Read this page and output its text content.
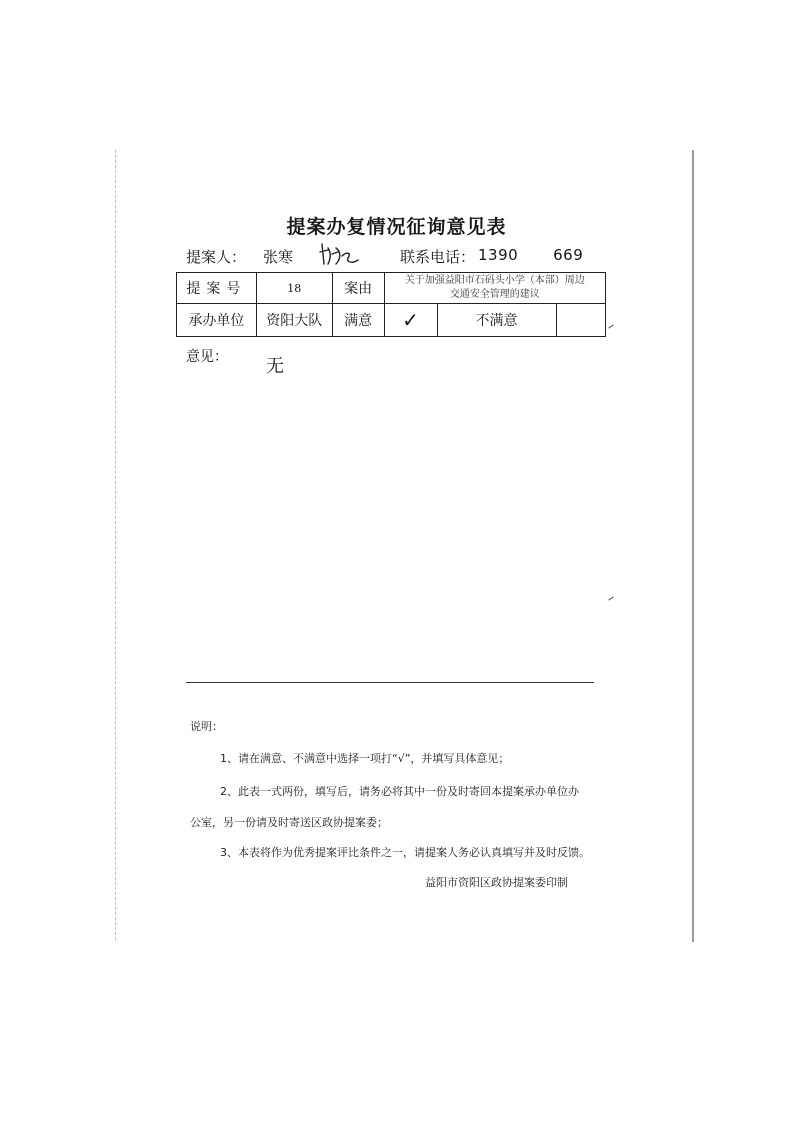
提案办复情况征询意见表
提案人： 张寒	联系电话： 1390          669
提案号	18	案由	
关于加强益阳市石码头小学（本部）周边
交通安全管理的建议

承办单位	资阳大队	满意	✓	不满意	
意见： 无
说明：
1、请在满意、不满意中选择一项打“√”，并填写具体意见；
2、此表一式两份，填写后，请务必将其中一份及时寄回本提案承办单位办
公室，另一份请及时寄送区政协提案委；
3、本表将作为优秀提案评比条件之一，请提案人务必认真填写并及时反馈。
益阳市资阳区政协提案委印制
